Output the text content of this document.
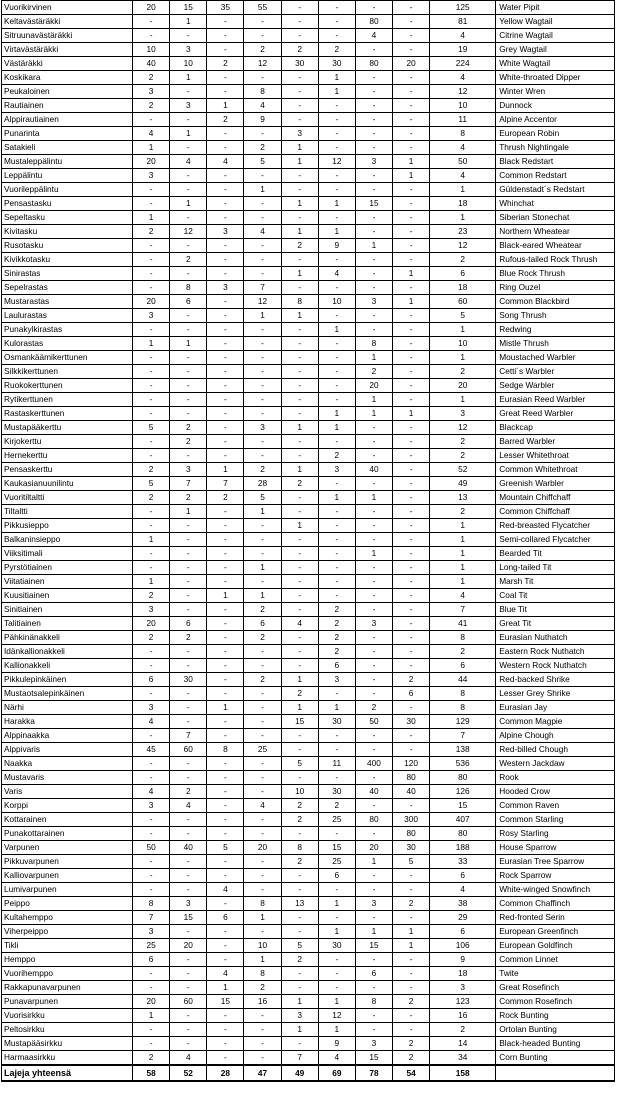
Vuorikirvinen	20	15	35	55	-	-	-	-	125	Water Pipit
Keltavästäräkki	-	1	-	-	-	-	80	-	81	Yellow Wagtail
Sitruunavästäräkki	-	-	-	-	-	-	4	-	4	Citrine Wagtail
Virtavästäräkki	10	3	-	2	2	2	-	-	19	Grey Wagtail
Västäräkki	40	10	2	12	30	30	80	20	224	White Wagtail
Koskikara	2	1	-	-	-	1	-	-	4	White-throated Dipper
Peukaloinen	3	-	-	8	-	1	-	-	12	Winter Wren
Rautiainen	2	3	1	4	-	-	-	-	10	Dunnock
Alppirautiainen	-	-	2	9	-	-	-	-	11	Alpine Accentor
Punarinta	4	1	-	-	3	-	-	-	8	European Robin
Satakieli	1	-	-	2	1	-	-	-	4	Thrush Nightingale
Mustaleppälintu	20	4	4	5	1	12	3	1	50	Black Redstart
Leppälintu	3	-	-	-	-	-	-	1	4	Common Redstart
Vuorileppälintu	-	-	-	1	-	-	-	-	1	Güldenstadt´s Redstart
Pensastasku	-	1	-	-	1	1	15	-	18	Whinchat
Sepeltasku	1	-	-	-	-	-	-	-	1	Siberian Stonechat
Kivitasku	2	12	3	4	1	1	-	-	23	Northern Wheatear
Rusotasku	-	-	-	-	2	9	1	-	12	Black-eared Wheatear
Kivikkotasku	-	2	-	-	-	-	-	-	2	Rufous-tailed Rock Thrush
Sinirastas	-	-	-	-	1	4	-	1	6	Blue Rock Thrush
Sepelrastas	-	8	3	7	-	-	-	-	18	Ring Ouzel
Mustarastas	20	6	-	12	8	10	3	1	60	Common Blackbird
Laulurastas	3	-	-	1	1	-	-	-	5	Song Thrush
Punakylkirastas	-	-	-	-	-	1	-	-	1	Redwing
Kulorastas	1	1	-	-	-	-	8	-	10	Mistle Thrush
Osmankäämikerttunen	-	-	-	-	-	-	1	-	1	Moustached Warbler
Silkkikerttunen	-	-	-	-	-	-	2	-	2	Cetti´s Warbler
Ruokokerttunen	-	-	-	-	-	-	20	-	20	Sedge Warbler
Rytikerttunen	-	-	-	-	-	-	1	-	1	Eurasian Reed Warbler
Rastaskerttunen	-	-	-	-	-	1	1	1	3	Great Reed Warbler
Mustapääkerttu	5	2	-	3	1	1	-	-	12	Blackcap
Kirjokerttu	-	2	-	-	-	-	-	-	2	Barred Warbler
Hernekerttu	-	-	-	-	-	2	-	-	2	Lesser Whitethroat
Pensaskerttu	2	3	1	2	1	3	40	-	52	Common Whitethroat
Kaukasianuunilintu	5	7	7	28	2	-	-	-	49	Greenish Warbler
Vuoritiltaltti	2	2	2	5	-	1	1	-	13	Mountain Chiffchaff
Tiltaltti	-	1	-	1	-	-	-	-	2	Common Chiffchaff
Pikkusieppo	-	-	-	-	1	-	-	-	1	Red-breasted Flycatcher
Balkaninsieppo	1	-	-	-	-	-	-	-	1	Semi-collared Flycatcher
Viiksitimali	-	-	-	-	-	-	1	-	1	Bearded Tit
Pyrstötiainen	-	-	-	1	-	-	-	-	1	Long-tailed Tit
Viitatiainen	1	-	-	-	-	-	-	-	1	Marsh Tit
Kuusitiainen	2	-	1	1	-	-	-	-	4	Coal Tit
Sinitiainen	3	-	-	2	-	2	-	-	7	Blue Tit
Talitiainen	20	6	-	6	4	2	3	-	41	Great Tit
Pähkinänakkeli	2	2	-	2	-	2	-	-	8	Eurasian Nuthatch
Idänkallionakkeli	-	-	-	-	-	2	-	-	2	Eastern Rock Nuthatch
Kallionakkeli	-	-	-	-	-	6	-	-	6	Western Rock Nuthatch
Pikkulepinkäinen	6	30	-	2	1	3	-	2	44	Red-backed Shrike
Mustaotsalepinkäinen	-	-	-	-	2	-	-	6	8	Lesser Grey Shrike
Närhi	3	-	1	-	1	1	2	-	8	Eurasian Jay
Harakka	4	-	-	-	15	30	50	30	129	Common Magpie
Alppinaakka	-	7	-	-	-	-	-	-	7	Alpine Chough
Alppivaris	45	60	8	25	-	-	-	-	138	Red-billed Chough
Naakka	-	-	-	-	5	11	400	120	536	Western Jackdaw
Mustavaris	-	-	-	-	-	-	-	80	80	Rook
Varis	4	2	-	-	10	30	40	40	126	Hooded Crow
Korppi	3	4	-	4	2	2	-	-	15	Common Raven
Kottarainen	-	-	-	-	2	25	80	300	407	Common Starling
Punakottarainen	-	-	-	-	-	-	-	80	80	Rosy Starling
Varpunen	50	40	5	20	8	15	20	30	188	House Sparrow
Pikkuvarpunen	-	-	-	-	2	25	1	5	33	Eurasian Tree Sparrow
Kalliovarpunen	-	-	-	-	-	6	-	-	6	Rock Sparrow
Lumivarpunen	-	-	4	-	-	-	-	-	4	White-winged Snowfinch
Peippo	8	3	-	8	13	1	3	2	38	Common Chaffinch
Kultahemppo	7	15	6	1	-	-	-	-	29	Red-fronted Serin
Viherpeippo	3	-	-	-	-	1	1	1	6	European Greenfinch
Tikli	25	20	-	10	5	30	15	1	106	European Goldfinch
Hemppo	6	-	-	1	2	-	-	-	9	Common Linnet
Vuorihemppo	-	-	4	8	-	-	6	-	18	Twite
Rakkapunavarpunen	-	-	1	2	-	-	-	-	3	Great Rosefinch
Punavarpunen	20	60	15	16	1	1	8	2	123	Common Rosefinch
Vuorisirkku	1	-	-	-	3	12	-	-	16	Rock Bunting
Peltosirkku	-	-	-	-	1	1	-	-	2	Ortolan Bunting
Mustapääsirkku	-	-	-	-	-	9	3	2	14	Black-headed Bunting
Harmaasirkku	2	4	-	-	7	4	15	2	34	Corn Bunting
Lajeja yhteensä	58	52	28	47	49	69	78	54	158	
